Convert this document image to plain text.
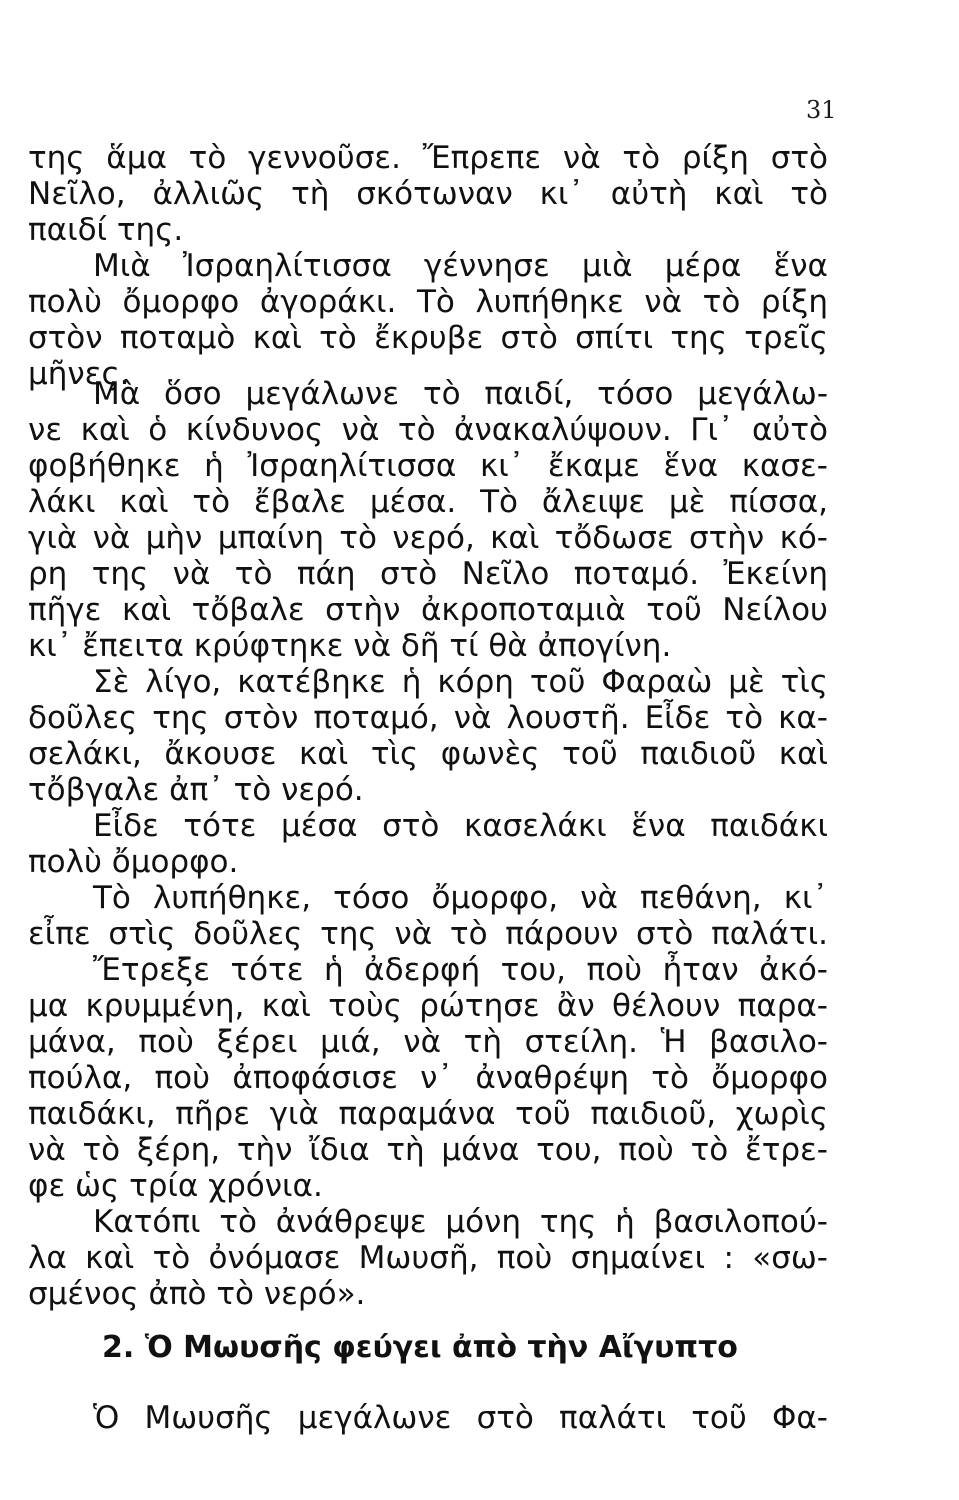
31

της ἅμα τὸ γεννοῦσε. Ἔπρεπε νὰ τὸ ρίξη στὸ

Νεῖλο, ἀλλιῶς τὴ σκότωναν κι᾽ αὐτὴ καὶ τὸ

παιδί της.

Μιὰ Ἰσραηλίτισσα γέννησε μιὰ μέρα ἕνα

πολὺ ὄμορφο ἀγοράκι. Τὸ λυπήθηκε νὰ τὸ ρίξη

στὸν ποταμὸ καὶ τὸ ἔκρυβε στὸ σπίτι της τρεῖς

μῆνες.

Μὰ ὅσο μεγάλωνε τὸ παιδί, τόσο μεγάλω-

νε καὶ ὁ κίνδυνος νὰ τὸ ἀνακαλύψουν. Γι᾽ αὐτὸ

φοβήθηκε ἡ Ἰσραηλίτισσα κι᾽ ἔκαμε ἕνα κασε-

λάκι καὶ τὸ ἔβαλε μέσα. Τὸ ἄλειψε μὲ πίσσα,

γιὰ νὰ μὴν μπαίνη τὸ νερό, καὶ τὄδωσε στὴν κό-

ρη της νὰ τὸ πάη στὸ Νεῖλο ποταμό. Ἐκείνη

πῆγε καὶ τὄβαλε στὴν ἀκροποταμιὰ τοῦ Νείλου

κι᾽ ἔπειτα κρύφτηκε νὰ δῆ τί θὰ ἀπογίνη.

Σὲ λίγο, κατέβηκε ἡ κόρη τοῦ Φαραὼ μὲ τὶς

δοῦλες της στὸν ποταμό, νὰ λουστῆ. Εἶδε τὸ κα-

σελάκι, ἄκουσε καὶ τὶς φωνὲς τοῦ παιδιοῦ καὶ

τὄβγαλε ἀπ᾽ τὸ νερό.

Εἶδε τότε μέσα στὸ κασελάκι ἕνα παιδάκι

πολὺ ὄμορφο.

Τὸ λυπήθηκε, τόσο ὄμορφο, νὰ πεθάνη, κι᾽

εἶπε στὶς δοῦλες της νὰ τὸ πάρουν στὸ παλάτι.

Ἔτρεξε τότε ἡ ἀδερφή του, ποὺ ἦταν ἀκό-

μα κρυμμένη, καὶ τοὺς ρώτησε ἂν θέλουν παρα-

μάνα, ποὺ ξέρει μιά, νὰ τὴ στείλη. Ἡ βασιλο-

πούλα, ποὺ ἀποφάσισε ν᾽ ἀναθρέψη τὸ ὄμορφο

παιδάκι, πῆρε γιὰ παραμάνα τοῦ παιδιοῦ, χωρὶς

νὰ τὸ ξέρη, τὴν ἴδια τὴ μάνα του, ποὺ τὸ ἔτρε-

φε ὡς τρία χρόνια.

Κατόπι τὸ ἀνάθρεψε μόνη της ἡ βασιλοπού-

λα καὶ τὸ ὀνόμασε Μωυσῆ, ποὺ σημαίνει : «σω-

σμένος ἀπὸ τὸ νερό».

2. Ὁ Μωυσῆς φεύγει ἀπὸ τὴν Αἴγυπτο

Ὁ Μωυσῆς μεγάλωνε στὸ παλάτι τοῦ Φα-
